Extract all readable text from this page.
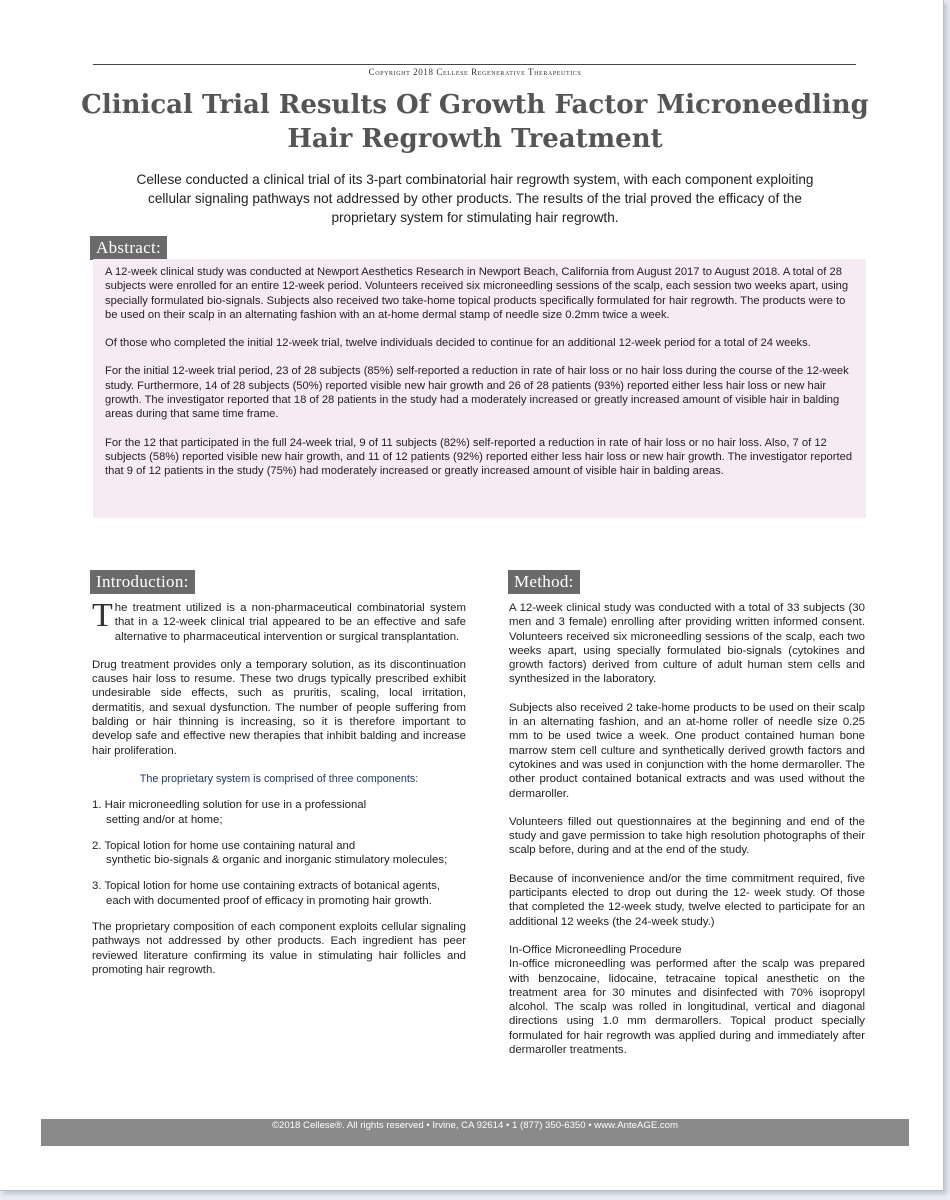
Copyright 2018 Cellese Regenerative Therapeutics
Clinical Trial Results Of Growth Factor Microneedling Hair Regrowth Treatment

Cellese conducted a clinical trial of its 3-part combinatorial hair regrowth system, with each component exploiting cellular signaling pathways not addressed by other products. The results of the trial proved the efficacy of the proprietary system for stimulating hair regrowth.

Abstract:

A 12-week clinical study was conducted at Newport Aesthetics Research in Newport Beach, California from August 2017 to August 2018. A total of 28 subjects were enrolled for an entire 12-week period. Volunteers received six microneedling sessions of the scalp, each session two weeks apart, using specially formulated bio-signals. Subjects also received two take-home topical products specifically formulated for hair regrowth. The products were to be used on their scalp in an alternating fashion with an at-home dermal stamp of needle size 0.2mm twice a week.

Of those who completed the initial 12-week trial, twelve individuals decided to continue for an additional 12-week period for a total of 24 weeks.

For the initial 12-week trial period, 23 of 28 subjects (85%) self-reported a reduction in rate of hair loss or no hair loss during the course of the 12-week study. Furthermore, 14 of 28 subjects (50%) reported visible new hair growth and 26 of 28 patients (93%) reported either less hair loss or new hair growth. The investigator reported that 18 of 28 patients in the study had a moderately increased or greatly increased amount of visible hair in balding areas during that same time frame.

For the 12 that participated in the full 24-week trial, 9 of 11 subjects (82%) self-reported a reduction in rate of hair loss or no hair loss. Also, 7 of 12 subjects (58%) reported visible new hair growth, and 11 of 12 patients (92%) reported either less hair loss or new hair growth. The investigator reported that 9 of 12 patients in the study (75%) had moderately increased or greatly increased amount of visible hair in balding areas.

Introduction:

The treatment utilized is a non-pharmaceutical combinatorial system that in a 12-week clinical trial appeared to be an effective and safe alternative to pharmaceutical intervention or surgical transplantation.

Drug treatment provides only a temporary solution, as its discontinuation causes hair loss to resume. These two drugs typically prescribed exhibit undesirable side effects, such as pruritis, scaling, local irritation, dermatitis, and sexual dysfunction. The number of people suffering from balding or hair thinning is increasing, so it is therefore important to develop safe and effective new therapies that inhibit balding and increase hair proliferation.

The proprietary system is comprised of three components:
1. Hair microneedling solution for use in a professional
setting and/or at home;
2. Topical lotion for home use containing natural and
synthetic bio-signals & organic and inorganic stimulatory molecules;
3. Topical lotion for home use containing extracts of botanical agents,
each with documented proof of efficacy in promoting hair growth.

The proprietary composition of each component exploits cellular signaling pathways not addressed by other products. Each ingredient has peer reviewed literature confirming its value in stimulating hair follicles and promoting hair regrowth.

Method:

A 12-week clinical study was conducted with a total of 33 subjects (30 men and 3 female) enrolling after providing written informed consent. Volunteers received six microneedling sessions of the scalp, each two weeks apart, using specially formulated bio-signals (cytokines and growth factors) derived from culture of adult human stem cells and synthesized in the laboratory.

Subjects also received 2 take-home products to be used on their scalp in an alternating fashion, and an at-home roller of needle size 0.25 mm to be used twice a week. One product contained human bone marrow stem cell culture and synthetically derived growth factors and cytokines and was used in conjunction with the home dermaroller. The other product contained botanical extracts and was used without the dermaroller.

Volunteers filled out questionnaires at the beginning and end of the study and gave permission to take high resolution photographs of their scalp before, during and at the end of the study.

Because of inconvenience and/or the time commitment required, five participants elected to drop out during the 12- week study. Of those that completed the 12-week study, twelve elected to participate for an additional 12 weeks (the 24-week study.)

In-Office Microneedling Procedure

In-office microneedling was performed after the scalp was prepared with benzocaine, lidocaine, tetracaine topical anesthetic on the treatment area for 30 minutes and disinfected with 70% isopropyl alcohol. The scalp was rolled in longitudinal, vertical and diagonal directions using 1.0 mm dermarollers. Topical product specially formulated for hair regrowth was applied during and immediately after dermaroller treatments.

©2018 Cellese®. All rights reserved • Irvine, CA 92614 • 1 (877) 350-6350 • www.AnteAGE.com
